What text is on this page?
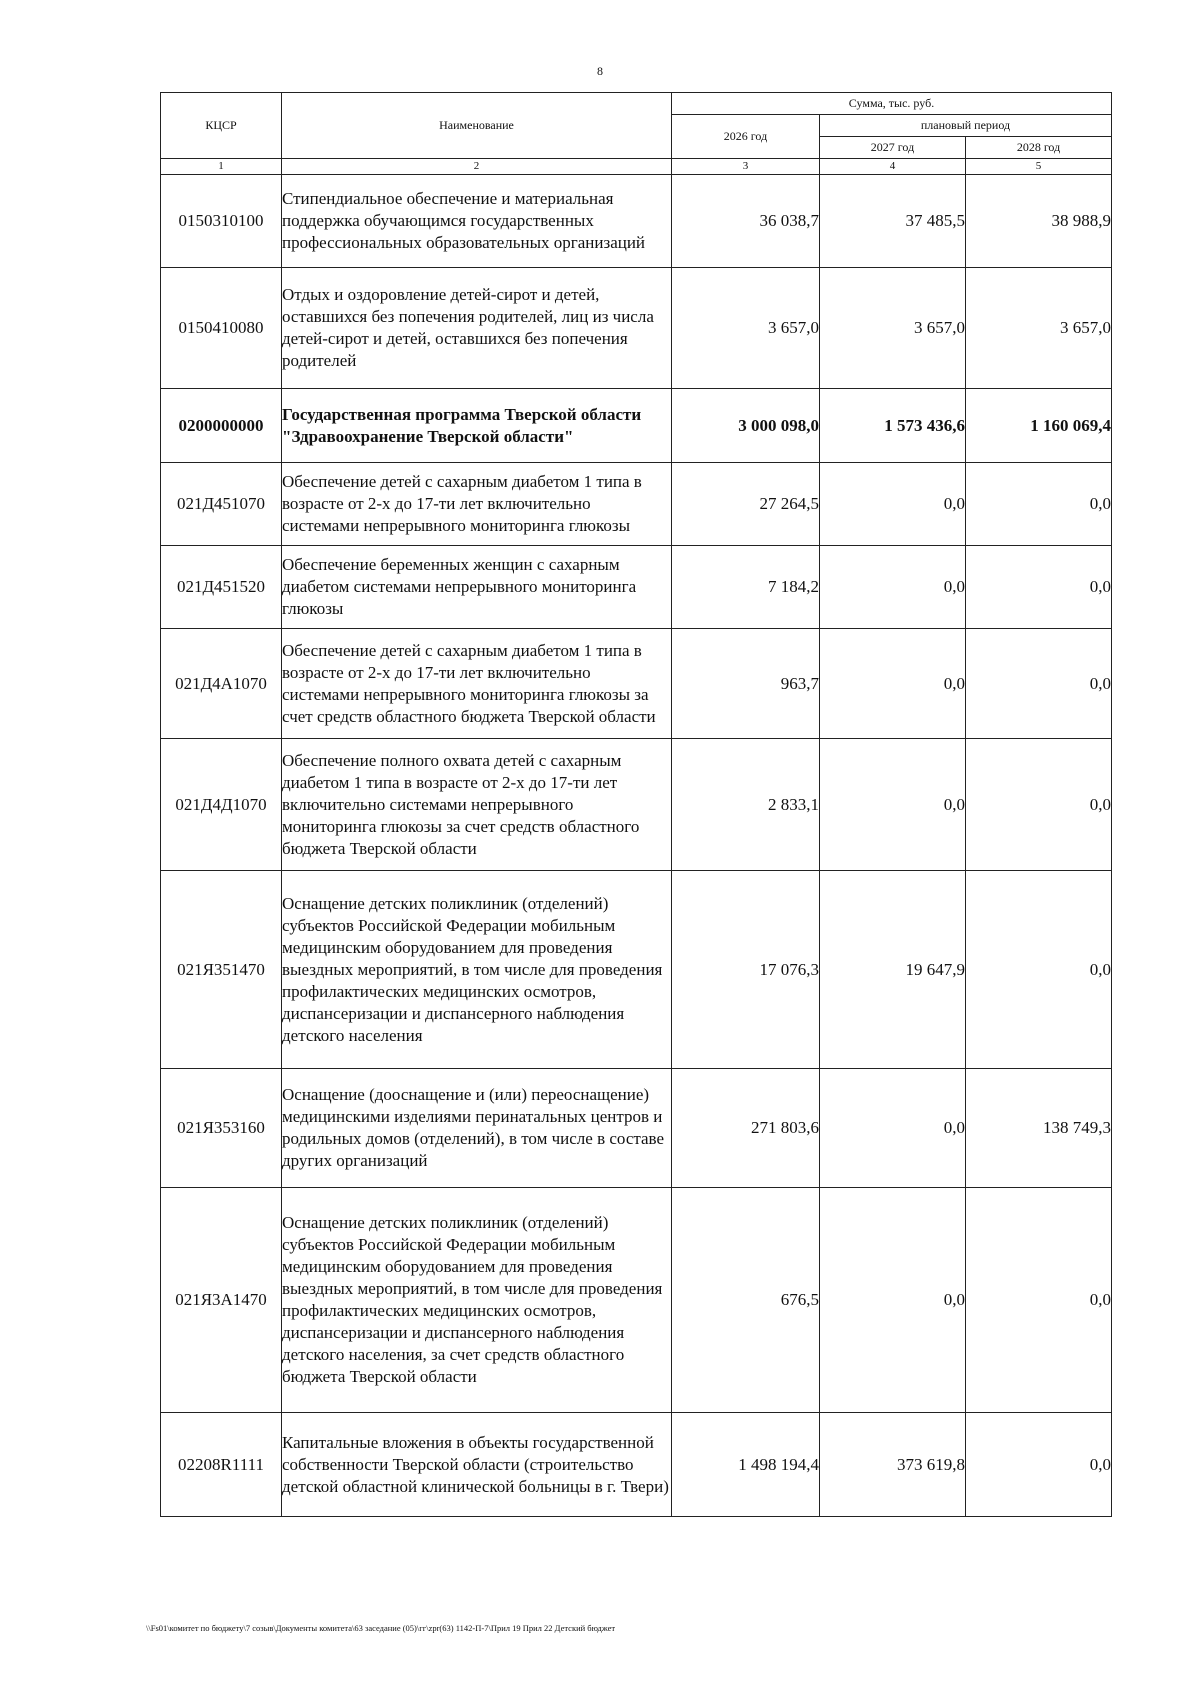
8
КЦСР	Наименование	Сумма, тыс. руб.		
		2026 год	плановый период	
			2027 год	2028 год
1	2	3	4	5
0150310100	Стипендиальное обеспечение и материальная поддержка обучающимся государственных профессиональных образовательных организаций	36 038,7	37 485,5	38 988,9
0150410080	Отдых и оздоровление детей-сирот и детей, оставшихся без попечения родителей, лиц из числа детей-сирот и детей, оставшихся без попечения родителей	3 657,0	3 657,0	3 657,0
0200000000	Государственная программа Тверской области "Здравоохранение Тверской области"	3 000 098,0	1 573 436,6	1 160 069,4
021Д451070	Обеспечение детей с сахарным диабетом 1 типа в возрасте от 2-х до 17-ти лет включительно системами непрерывного мониторинга глюкозы	27 264,5	0,0	0,0
021Д451520	Обеспечение беременных женщин с сахарным диабетом системами непрерывного мониторинга глюкозы	7 184,2	0,0	0,0
021Д4А1070	Обеспечение детей с сахарным диабетом 1 типа в возрасте от 2-х до 17-ти лет включительно системами непрерывного мониторинга глюкозы за счет средств областного бюджета Тверской области	963,7	0,0	0,0
021Д4Д1070	Обеспечение полного охвата детей с сахарным диабетом 1 типа в возрасте от 2-х до 17-ти лет включительно системами непрерывного мониторинга глюкозы за счет средств областного бюджета Тверской области	2 833,1	0,0	0,0
021Я351470	Оснащение детских поликлиник (отделений) субъектов Российской Федерации мобильным медицинским оборудованием для проведения выездных мероприятий, в том числе для проведения профилактических медицинских осмотров, диспансеризации и диспансерного наблюдения детского населения	17 076,3	19 647,9	0,0
021Я353160	Оснащение (дооснащение и (или) переоснащение) медицинскими изделиями перинатальных центров и родильных домов (отделений), в том числе в составе других организаций	271 803,6	0,0	138 749,3
021Я3А1470	Оснащение детских поликлиник (отделений) субъектов Российской Федерации мобильным медицинским оборудованием для проведения выездных мероприятий, в том числе для проведения профилактических медицинских осмотров, диспансеризации и диспансерного наблюдения детского населения, за счет средств областного бюджета Тверской области	676,5	0,0	0,0
02208R1111	Капитальные вложения в объекты государственной собственности Тверской области (строительство детской областной клинической больницы в г. Твери)	1 498 194,4	373 619,8	0,0
\\Fs01\комитет по бюджету\7 созыв\Документы комитета\63 заседание (05)\гг\zpr(63) 1142-П-7\Прил 19 Прил 22 Детский бюджет
